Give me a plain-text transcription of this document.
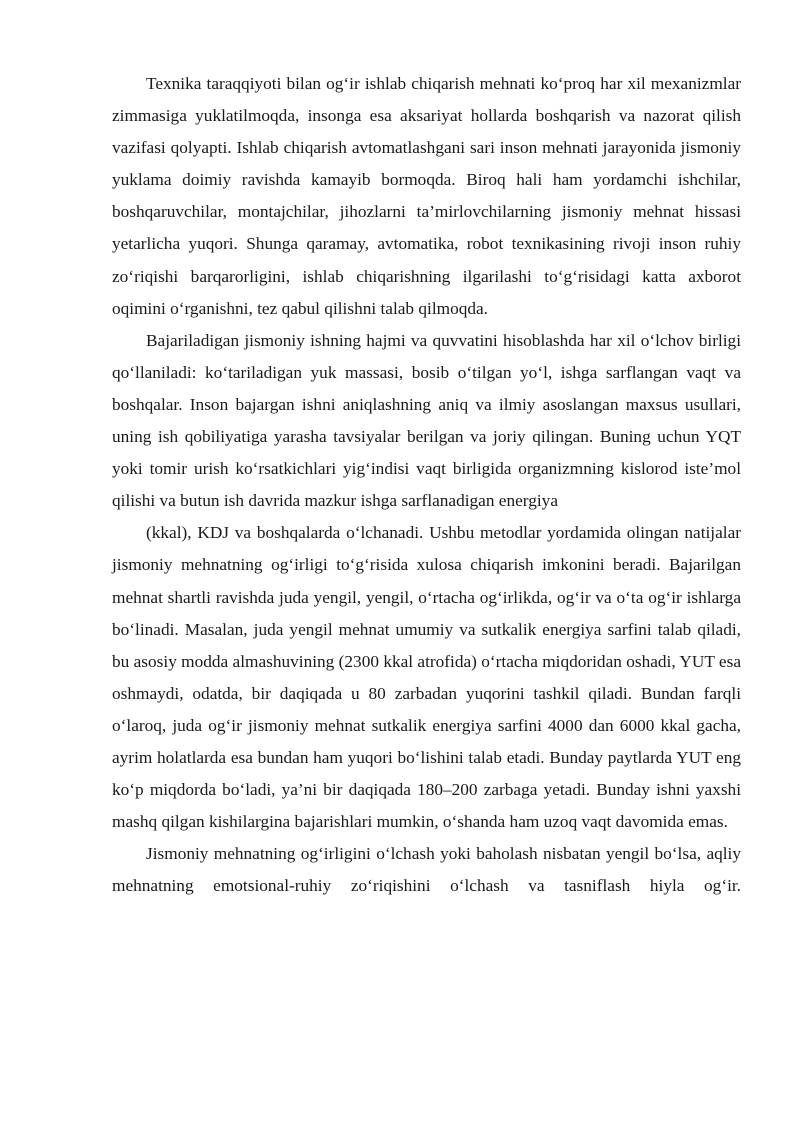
Texnika taraqqiyoti bilan og‘ir ishlab chiqarish mehnati ko‘proq har xil mexanizmlar zimmasiga yuklatilmoqda, insonga esa aksariyat hollarda boshqarish va nazorat qilish vazifasi qolyapti. Ishlab chiqarish avtomatlashgani sari inson mehnati jarayonida jismoniy yuklama doimiy ravishda kamayib bormoqda. Biroq hali ham yordamchi ishchilar, boshqaruvchilar, montajchilar, jihozlarni ta’mirlovchilarning jismoniy mehnat hissasi yetarlicha yuqori. Shunga qaramay, avtomatika, robot texnikasining rivoji inson ruhiy zo‘riqishi barqarorligini, ishlab chiqarishning ilgarilashi to‘g‘risidagi katta axborot oqimini o‘rganishni, tez qabul qilishni talab qilmoqda.

Bajariladigan jismoniy ishning hajmi va quvvatini hisoblashda har xil o‘lchov birligi qo‘llaniladi: ko‘tariladigan yuk massasi, bosib o‘tilgan yo‘l, ishga sarflangan vaqt va boshqalar. Inson bajargan ishni aniqlashning aniq va ilmiy asoslangan maxsus usullari, uning ish qobiliyatiga yarasha tavsiyalar berilgan va joriy qilingan. Buning uchun YQT yoki tomir urish ko‘rsatkichlari yig‘indisi vaqt birligida organizmning kislorod iste’mol qilishi va butun ish davrida mazkur ishga sarflanadigan energiya

(kkal), KDJ va boshqalarda o‘lchanadi. Ushbu metodlar yordamida olingan natijalar jismoniy mehnatning og‘irligi to‘g‘risida xulosa chiqarish imkonini beradi. Bajarilgan mehnat shartli ravishda juda yengil, yengil, o‘rtacha og‘irlikda, og‘ir va o‘ta og‘ir ishlarga bo‘linadi. Masalan, juda yengil mehnat umumiy va sutkalik energiya sarfini talab qiladi, bu asosiy modda almashuvining (2300 kkal atrofida) o‘rtacha miqdoridan oshadi, YUT esa oshmaydi, odatda, bir daqiqada u 80 zarbadan yuqorini tashkil qiladi. Bundan farqli o‘laroq, juda og‘ir jismoniy mehnat sutkalik energiya sarfini 4000 dan 6000 kkal gacha, ayrim holatlarda esa bundan ham yuqori bo‘lishini talab etadi. Bunday paytlarda YUT eng ko‘p miqdorda bo‘ladi, ya’ni bir daqiqada 180–200 zarbaga yetadi. Bunday ishni yaxshi mashq qilgan kishilargina bajarishlari mumkin, o‘shanda ham uzoq vaqt davomida emas.

Jismoniy mehnatning og‘irligini o‘lchash yoki baholash nisbatan yengil bo‘lsa, aqliy mehnatning emotsional-ruhiy zo‘riqishini o‘lchash va tasniflash hiyla og‘ir.
